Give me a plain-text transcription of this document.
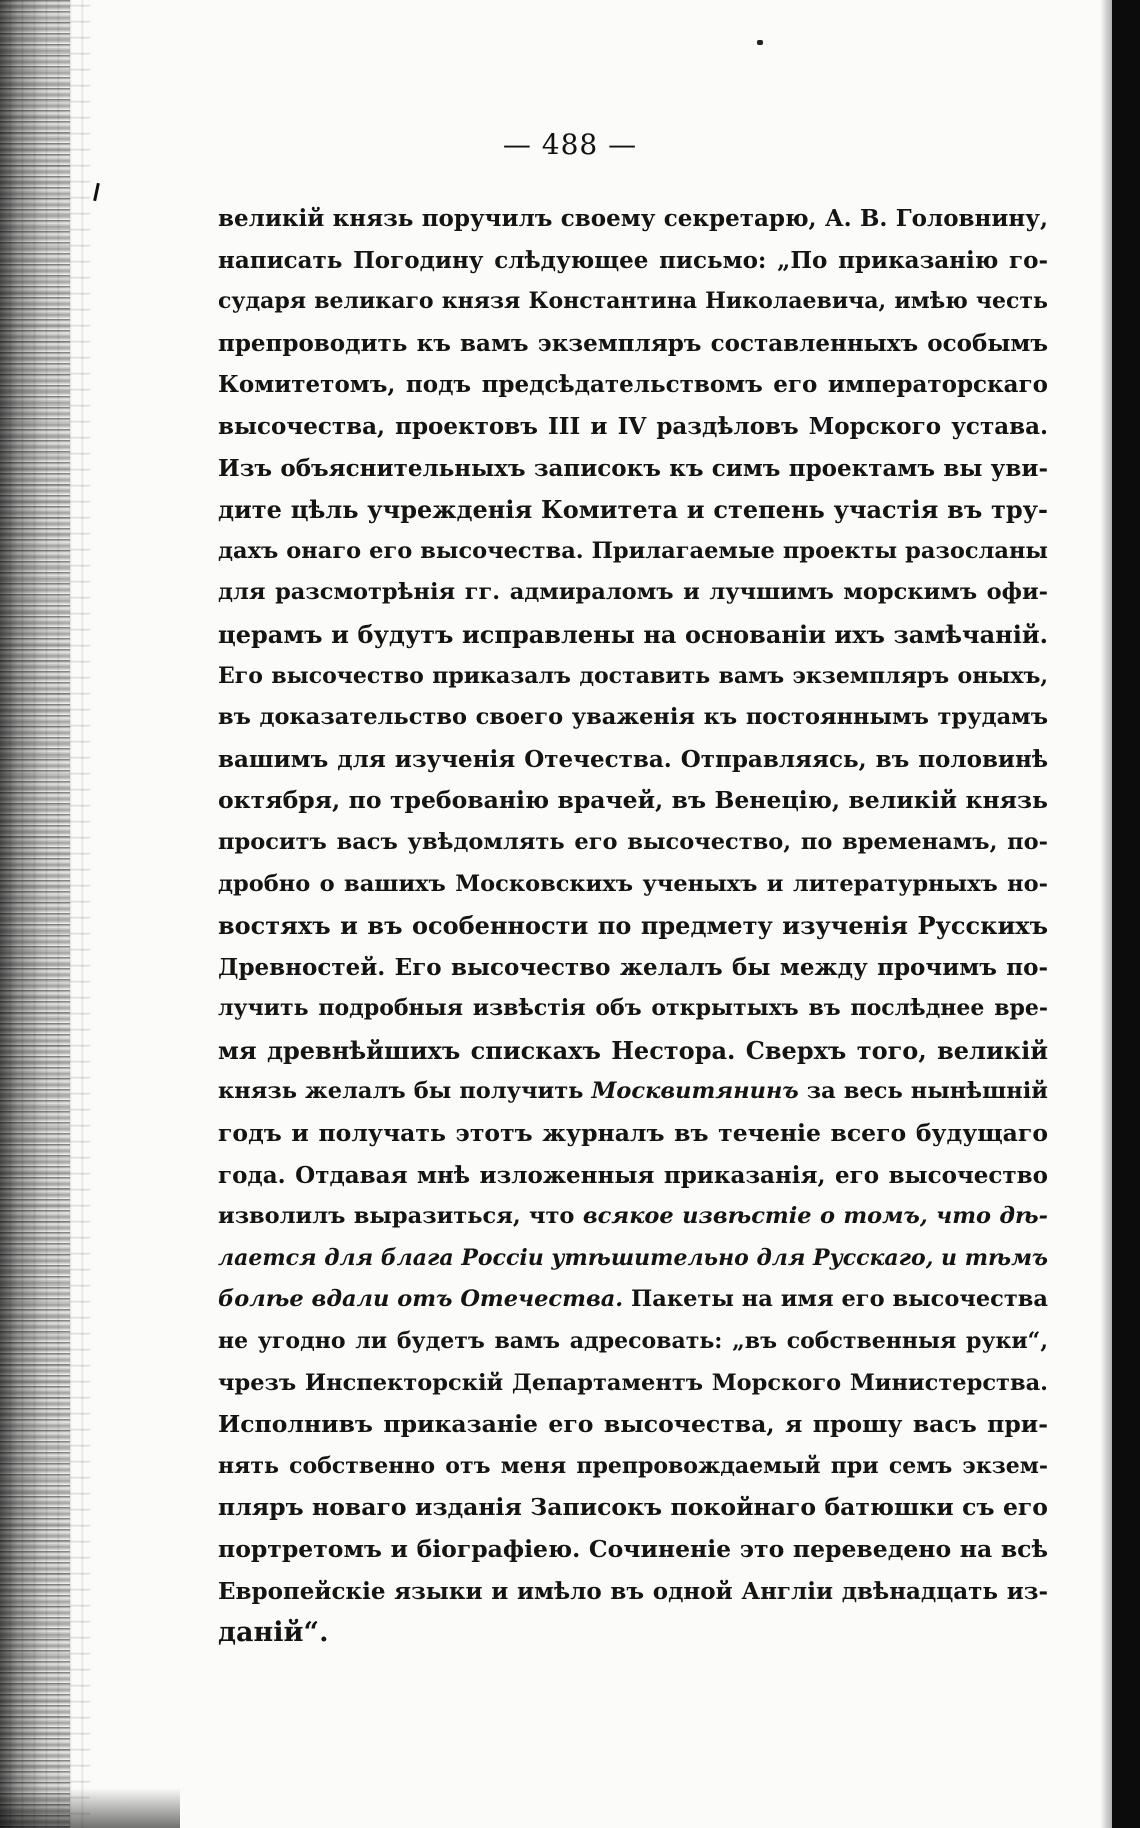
— 488 —
великій князь поручилъ своему секретарю, А. В. Головнину,
написать Погодину слѣдующее письмо: „По приказанію го-
сударя великаго князя Константина Николаевича, имѣю честь
препроводить къ вамъ экземпляръ составленныхъ особымъ
Комитетомъ, подъ предсѣдательствомъ его императорскаго
высочества, проектовъ III и IV раздѣловъ Морского устава.
Изъ объяснительныхъ записокъ къ симъ проектамъ вы уви-
дите цѣль учрежденія Комитета и степень участія въ тру-
дахъ онаго его высочества. Прилагаемые проекты разосланы
для разсмотрѣнія гг. адмираломъ и лучшимъ морскимъ офи-
церамъ и будутъ исправлены на основаніи ихъ замѣчаній.
Его высочество приказалъ доставить вамъ экземпляръ оныхъ,
въ доказательство своего уваженія къ постояннымъ трудамъ
вашимъ для изученія Отечества. Отправляясь, въ половинѣ
октября, по требованію врачей, въ Венецію, великій князь
проситъ васъ увѣдомлять его высочество, по временамъ, по-
дробно о вашихъ Московскихъ ученыхъ и литературныхъ но-
востяхъ и въ особенности по предмету изученія Русскихъ
Древностей. Его высочество желалъ бы между прочимъ по-
лучить подробныя извѣстія объ открытыхъ въ послѣднее вре-
мя древнѣйшихъ спискахъ Нестора. Сверхъ того, великій
князь желалъ бы получить Москвитянинъ за весь нынѣшній
годъ и получать этотъ журналъ въ теченіе всего будущаго
года. Отдавая мнѣ изложенныя приказанія, его высочество
изволилъ выразиться, что всякое извѣстіе о томъ, что дѣ-
лается для блага Россіи утѣшительно для Русскаго, и тѣмъ
болѣе вдали отъ Отечества. Пакеты на имя его высочества
не угодно ли будетъ вамъ адресовать: „въ собственныя руки“,
чрезъ Инспекторскій Департаментъ Морского Министерства.
Исполнивъ приказаніе его высочества, я прошу васъ при-
нять собственно отъ меня препровождаемый при семъ экзем-
пляръ новаго изданія Записокъ покойнаго батюшки съ его
портретомъ и біографіею. Сочиненіе это переведено на всѣ
Европейскіе языки и имѣло въ одной Англіи двѣнадцать из-
даній“.
